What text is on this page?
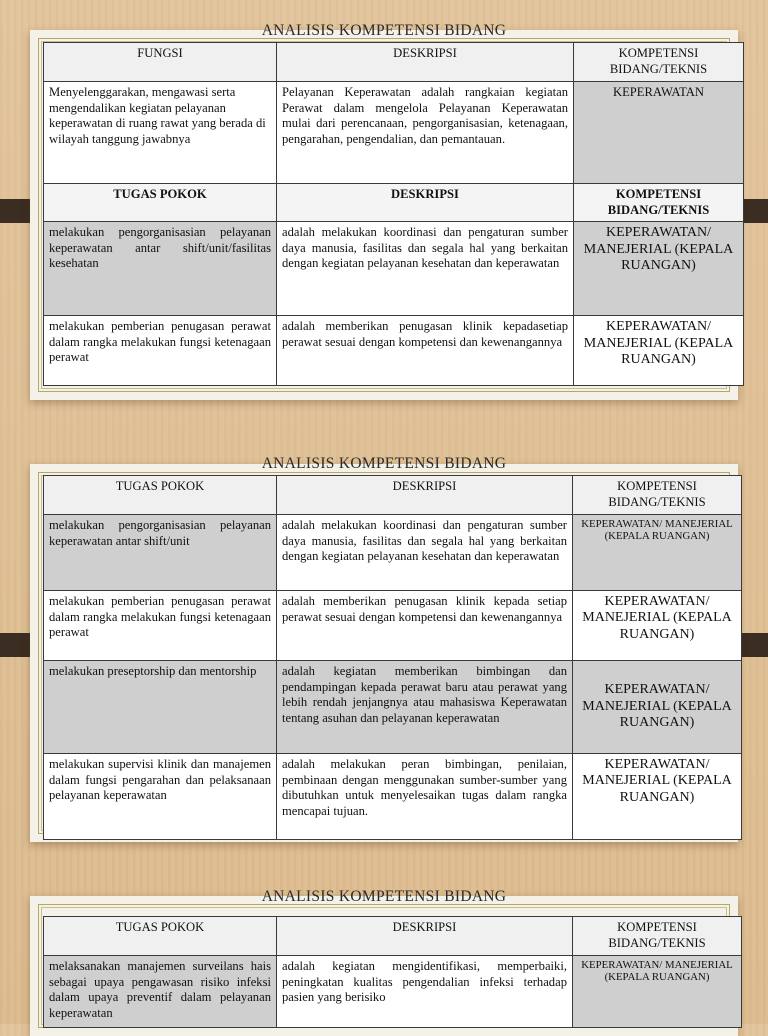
ANALISIS KOMPETENSI BIDANG
FUNGSI	DESKRIPSI	KOMPETENSI BIDANG/TEKNIS
Menyelenggarakan, mengawasi serta mengendalikan kegiatan pelayanan keperawatan di ruang rawat yang berada di wilayah tanggung jawabnya	Pelayanan Keperawatan adalah rangkaian kegiatan Perawat dalam mengelola Pelayanan Keperawatan mulai dari perencanaan, pengorganisasian, ketenagaan, pengarahan, pengendalian, dan pemantauan.	KEPERAWATAN
TUGAS POKOK	DESKRIPSI	KOMPETENSI BIDANG/TEKNIS
melakukan pengorganisasian pelayanan keperawatan antar shift/unit/fasilitas kesehatan	adalah melakukan koordinasi dan pengaturan sumber daya manusia, fasilitas dan segala hal yang berkaitan dengan kegiatan pelayanan kesehatan dan keperawatan	KEPERAWATAN/ MANEJERIAL (KEPALA RUANGAN)
melakukan pemberian penugasan perawat dalam rangka melakukan fungsi ketenagaan perawat	adalah memberikan penugasan klinik kepadasetiap perawat sesuai dengan kompetensi dan kewenangannya	KEPERAWATAN/ MANEJERIAL (KEPALA RUANGAN)
ANALISIS KOMPETENSI BIDANG
TUGAS POKOK	DESKRIPSI	KOMPETENSI BIDANG/TEKNIS
melakukan pengorganisasian pelayanan keperawatan antar shift/unit	adalah melakukan koordinasi dan pengaturan sumber daya manusia, fasilitas dan segala hal yang berkaitan dengan kegiatan pelayanan kesehatan dan keperawatan	KEPERAWATAN/ MANEJERIAL (KEPALA RUANGAN)
melakukan pemberian penugasan perawat dalam rangka melakukan fungsi ketenagaan perawat	adalah memberikan penugasan klinik kepada setiap perawat sesuai dengan kompetensi dan kewenangannya	KEPERAWATAN/ MANEJERIAL (KEPALA RUANGAN)
melakukan preseptorship dan mentorship	adalah kegiatan memberikan bimbingan dan pendampingan kepada perawat baru atau perawat yang lebih rendah jenjangnya atau mahasiswa Keperawatan tentang asuhan dan pelayanan keperawatan	KEPERAWATAN/ MANEJERIAL (KEPALA RUANGAN)
melakukan supervisi klinik dan manajemen dalam fungsi pengarahan dan pelaksanaan pelayanan keperawatan	adalah melakukan peran bimbingan, penilaian, pembinaan dengan menggunakan sumber-sumber yang dibutuhkan untuk menyelesaikan tugas dalam rangka mencapai tujuan.	KEPERAWATAN/ MANEJERIAL (KEPALA RUANGAN)
ANALISIS KOMPETENSI BIDANG
TUGAS POKOK	DESKRIPSI	KOMPETENSI BIDANG/TEKNIS
melaksanakan manajemen surveilans hais sebagai upaya pengawasan risiko infeksi dalam upaya preventif dalam pelayanan keperawatan	adalah kegiatan mengidentifikasi, memperbaiki, peningkatan kualitas pengendalian infeksi terhadap pasien yang berisiko	KEPERAWATAN/ MANEJERIAL (KEPALA RUANGAN)
